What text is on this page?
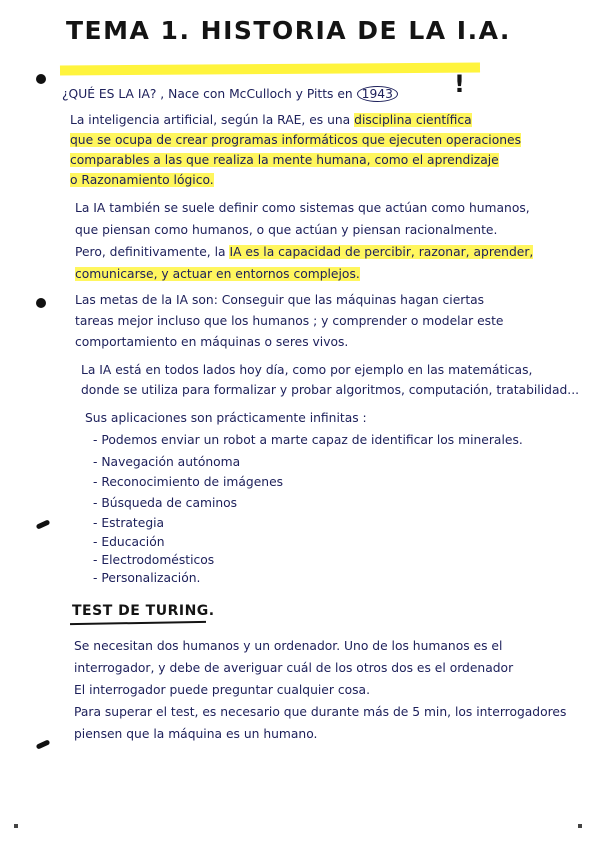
TEMA 1. HISTORIA DE LA I.A.
!
¿QUÉ ES LA IA? , Nace con McCulloch y Pitts en 1943
La inteligencia artificial, según la RAE, es una disciplina científica
que se ocupa de crear programas informáticos que ejecuten operaciones
comparables a las que realiza la mente humana, como el aprendizaje
o Razonamiento lógico.
La IA también se suele definir como sistemas que actúan como humanos,
que piensan como humanos, o que actúan y piensan racionalmente.
Pero, definitivamente, la IA es la capacidad de percibir, razonar, aprender,
comunicarse, y actuar en entornos complejos.
Las metas de la IA son: Conseguir que las máquinas hagan ciertas
tareas mejor incluso que los humanos ; y comprender o modelar este
comportamiento en máquinas o seres vivos.
La IA está en todos lados hoy día, como por ejemplo en las matemáticas,
donde se utiliza para formalizar y probar algoritmos, computación, tratabilidad...
Sus aplicaciones son prácticamente infinitas :
- Podemos enviar un robot a marte capaz de identificar los minerales.
- Navegación autónoma
- Reconocimiento de imágenes
- Búsqueda de caminos
- Estrategia
- Educación
- Electrodomésticos
- Personalización.
TEST DE TURING.
Se necesitan dos humanos y un ordenador. Uno de los humanos es el
interrogador, y debe de averiguar cuál de los otros dos es el ordenador
El interrogador puede preguntar cualquier cosa.
Para superar el test, es necesario que durante más de 5 min, los interrogadores
piensen que la máquina es un humano.
